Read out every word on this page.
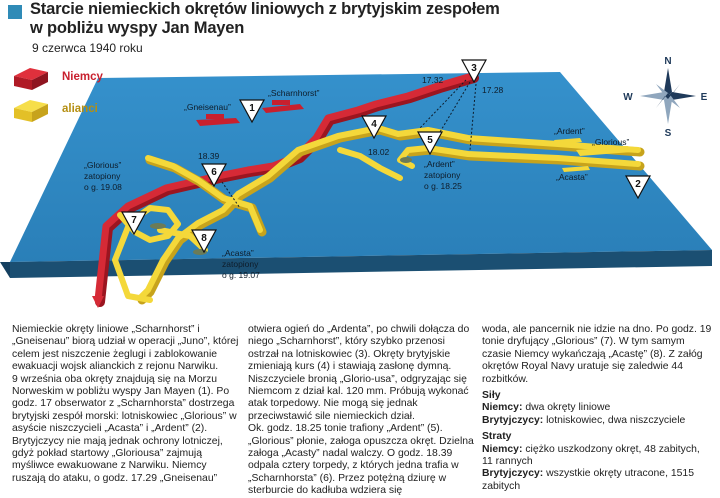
Starcie niemieckich okrętów liniowych z brytyjskim zespołem
w pobliżu wyspy Jan Mayen
9 czerwca 1940 roku
1
2
3
4
5
6
7
8
„Gneisenau”
„Scharnhorst”
„Ardent”
„Glorious”
„Acasta”
17.32
17.28
18.02
18.39
„Ardent”
zatopiony
o g. 18.25
„Glorious”
zatopiony
o g. 19.08
„Acasta”
zatopiony
o g. 19.07
N
S
W	E
Niemcy
alianci

Niemieckie okręty liniowe „Scharnhorst” i „Gneisenau” biorą udział w operacji „Juno”, której celem jest niszczenie żeglugi i zablokowanie ewakuacji wojsk alianckich z rejonu Narwiku.

9 września oba okręty znajdują się na Morzu Norweskim w pobliżu wyspy Jan Mayen (1). Po godz. 17 obserwator z „Scharnhorsta” dostrzega brytyjski zespół morski: lotniskowiec „Glorious” w asyście niszczycieli „Acasta” i „Ardent” (2). Brytyjczycy nie mają jednak ochrony lotniczej, gdyż pokład startowy „Gloriousa” zajmują myśliwce ewakuowane z Narwiku. Niemcy ruszają do ataku, o godz. 17.29 „Gneisenau”

otwiera ogień do „Ardenta”, po chwili dołącza do niego „Scharnhorst”, który szybko przenosi ostrzał na lotniskowiec (3). Okręty brytyjskie zmieniają kurs (4) i stawiają zasłonę dymną. Niszczyciele bronią „Glorio-usa”, odgryzając się Niemcom z dział kal. 120 mm. Próbują wykonać atak torpedowy. Nie mogą się jednak przeciwstawić sile niemieckich dział.

Ok. godz. 18.25 tonie trafiony „Ardent” (5). „Glorious” płonie, załoga opuszcza okręt. Dzielna załoga „Acasty” nadal walczy. O godz. 18.39 odpala cztery torpedy, z których jedna trafia w „Scharnhorsta” (6). Przez potężną dziurę w sterburcie do kadłuba wdziera się

woda, ale pancernik nie idzie na dno. Po godz. 19 tonie dryfujący „Glorious” (7). W tym samym czasie Niemcy wykańczają „Acastę” (8). Z załóg okrętów Royal Navy uratuje się zaledwie 44 rozbitków.

Siły

Niemcy: dwa okręty liniowe

Brytyjczycy: lotniskowiec, dwa niszczyciele

Straty

Niemcy: ciężko uszkodzony okręt, 48 zabitych, 11 rannych

Brytyjczycy: wszystkie okręty utracone, 1515 zabitych
